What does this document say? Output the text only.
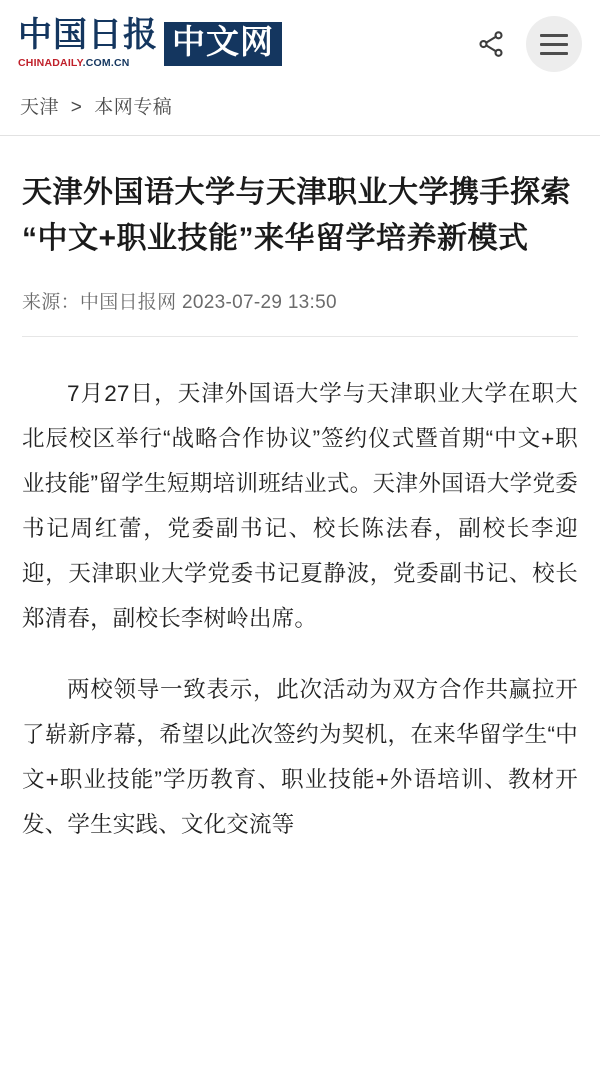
中国日报
CHINADAILY.COM.CN
中文网
天津 > 本网专稿
天津外国语大学与天津职业大学携手探索“中文+职业技能”来华留学培养新模式
来源：中国日报网 2023-07-29 13:50

7月27日，天津外国语大学与天津职业大学在职大北辰校区举行“战略合作协议”签约仪式暨首期“中文+职业技能”留学生短期培训班结业式。天津外国语大学党委书记周红蕾，党委副书记、校长陈法春，副校长李迎迎，天津职业大学党委书记夏静波，党委副书记、校长郑清春，副校长李树岭出席。

两校领导一致表示，此次活动为双方合作共赢拉开了崭新序幕，希望以此次签约为契机，在来华留学生“中文+职业技能”学历教育、职业技能+外语培训、教材开发、学生实践、文化交流等
